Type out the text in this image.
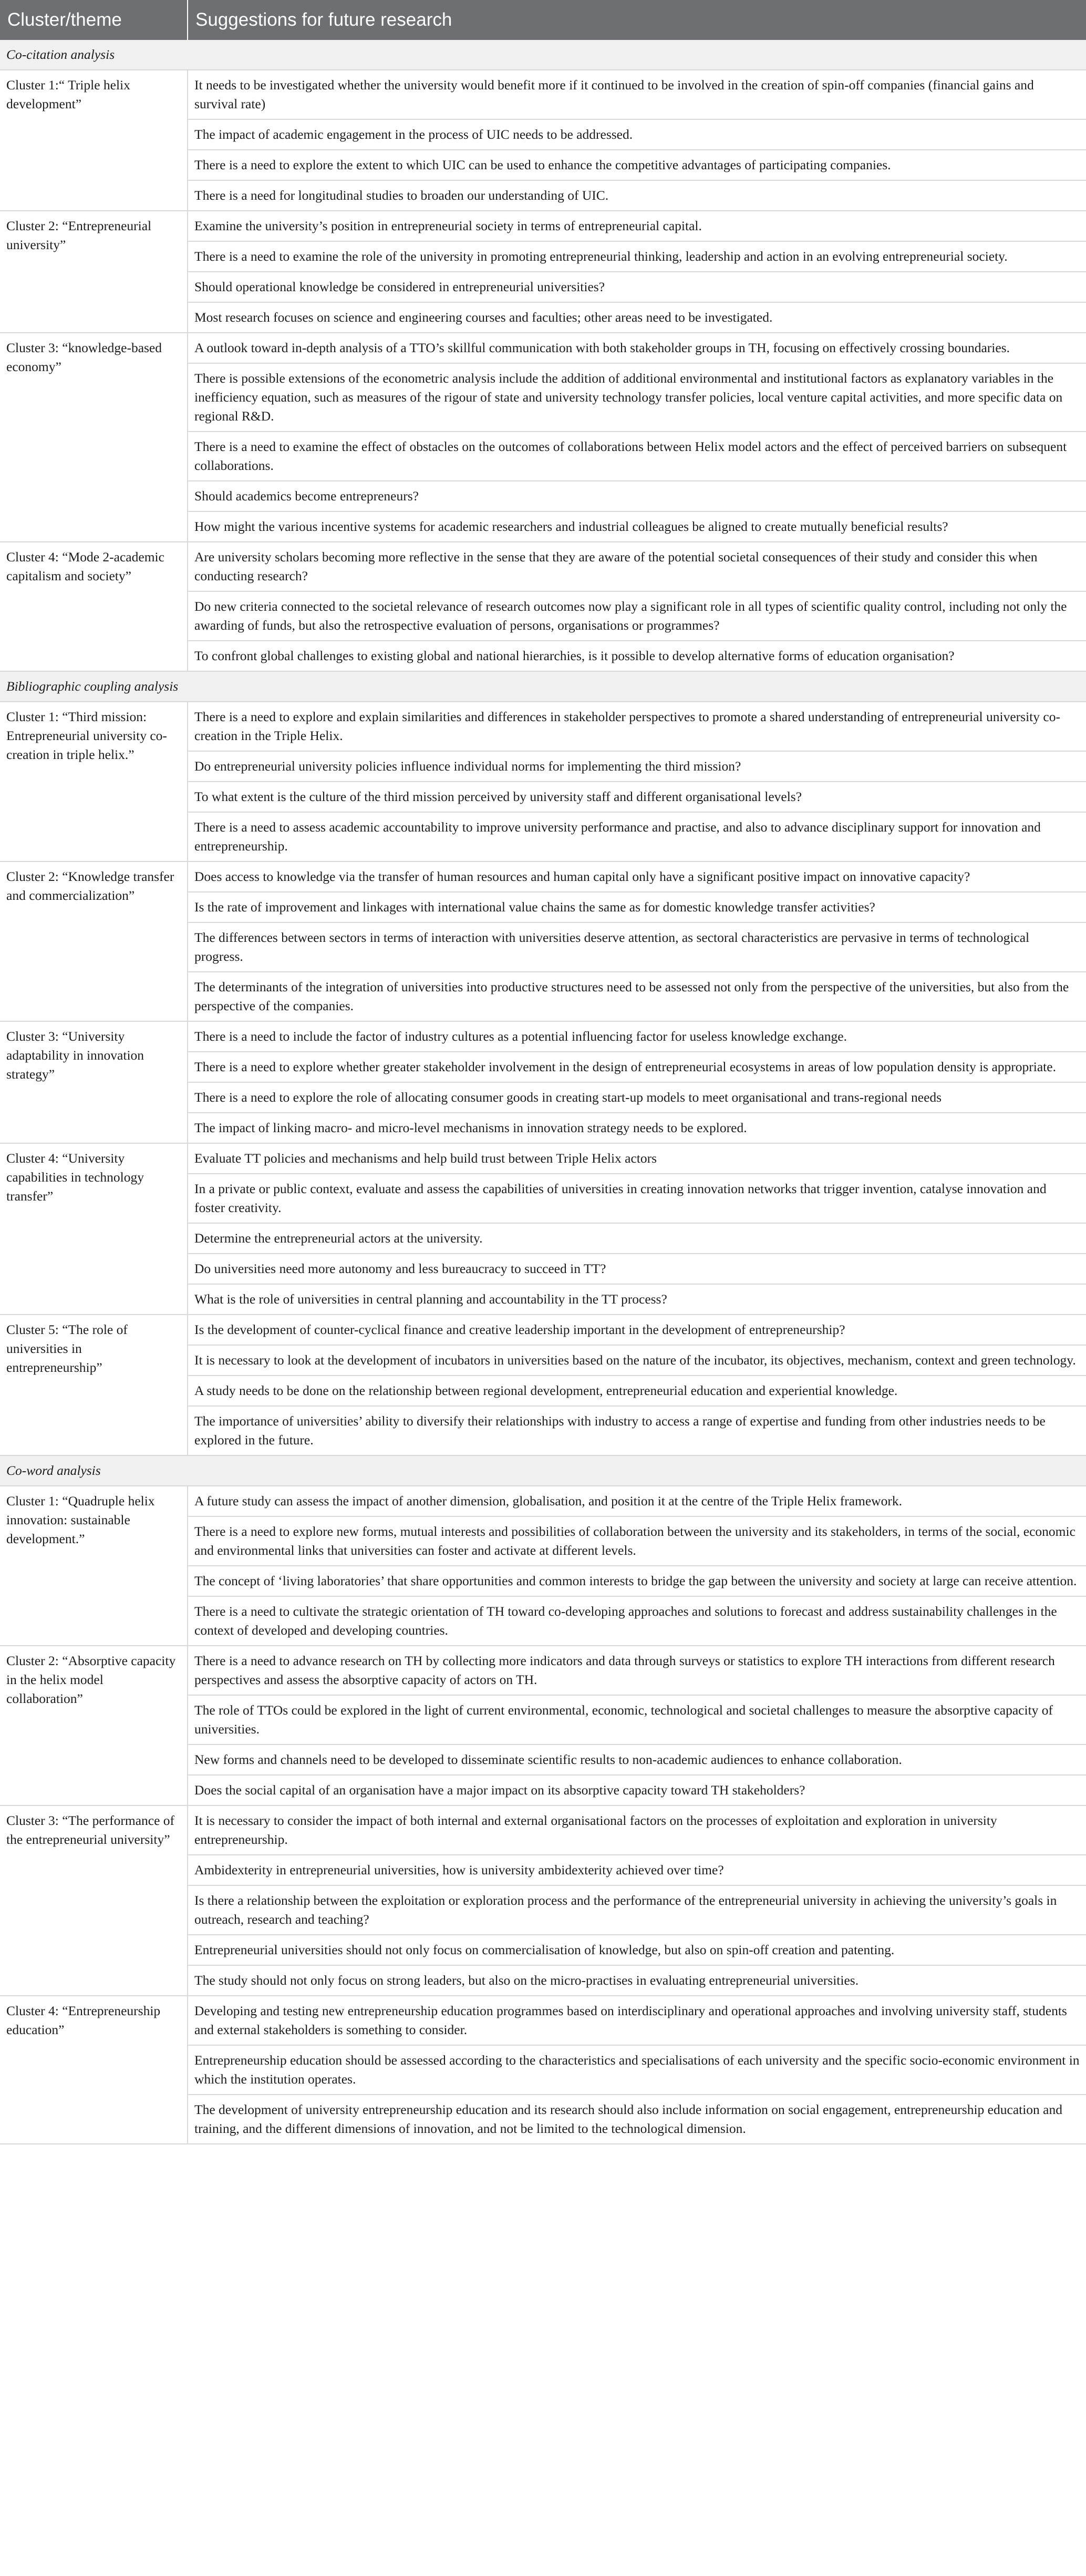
Cluster/theme	Suggestions for future research
Co-citation analysis	
Cluster 1:“ Triple helix development”	It needs to be investigated whether the university would benefit more if it continued to be involved in the creation of spin-off companies (financial gains and survival rate)
	The impact of academic engagement in the process of UIC needs to be addressed.
	There is a need to explore the extent to which UIC can be used to enhance the competitive advantages of participating companies.
	There is a need for longitudinal studies to broaden our understanding of UIC.
Cluster 2: “Entrepreneurial university”	Examine the university’s position in entrepreneurial society in terms of entrepreneurial capital.
	There is a need to examine the role of the university in promoting entrepreneurial thinking, leadership and action in an evolving entrepreneurial society.
	Should operational knowledge be considered in entrepreneurial universities?
	Most research focuses on science and engineering courses and faculties; other areas need to be investigated.
Cluster 3: “knowledge-based economy”	A outlook toward in-depth analysis of a TTO’s skillful communication with both stakeholder groups in TH, focusing on effectively crossing boundaries.
	There is possible extensions of the econometric analysis include the addition of additional environmental and institutional factors as explanatory variables in the inefficiency equation, such as measures of the rigour of state and university technology transfer policies, local venture capital activities, and more specific data on regional R&D.
	There is a need to examine the effect of obstacles on the outcomes of collaborations between Helix model actors and the effect of perceived barriers on subsequent collaborations.
	Should academics become entrepreneurs?
	How might the various incentive systems for academic researchers and industrial colleagues be aligned to create mutually beneficial results?
Cluster 4: “Mode 2-academic capitalism and society”	Are university scholars becoming more reflective in the sense that they are aware of the potential societal consequences of their study and consider this when conducting research?
	Do new criteria connected to the societal relevance of research outcomes now play a significant role in all types of scientific quality control, including not only the awarding of funds, but also the retrospective evaluation of persons, organisations or programmes?
	To confront global challenges to existing global and national hierarchies, is it possible to develop alternative forms of education organisation?
Bibliographic coupling analysis	
Cluster 1: “Third mission: Entrepreneurial university co-creation in triple helix.”	There is a need to explore and explain similarities and differences in stakeholder perspectives to promote a shared understanding of entrepreneurial university co-creation in the Triple Helix.
	Do entrepreneurial university policies influence individual norms for implementing the third mission?
	To what extent is the culture of the third mission perceived by university staff and different organisational levels?
	There is a need to assess academic accountability to improve university performance and practise, and also to advance disciplinary support for innovation and entrepreneurship.
Cluster 2: “Knowledge transfer and commercialization”	Does access to knowledge via the transfer of human resources and human capital only have a significant positive impact on innovative capacity?
	Is the rate of improvement and linkages with international value chains the same as for domestic knowledge transfer activities?
	The differences between sectors in terms of interaction with universities deserve attention, as sectoral characteristics are pervasive in terms of technological progress.
	The determinants of the integration of universities into productive structures need to be assessed not only from the perspective of the universities, but also from the perspective of the companies.
Cluster 3: “University adaptability in innovation strategy”	There is a need to include the factor of industry cultures as a potential influencing factor for useless knowledge exchange.
	There is a need to explore whether greater stakeholder involvement in the design of entrepreneurial ecosystems in areas of low population density is appropriate.
	There is a need to explore the role of allocating consumer goods in creating start-up models to meet organisational and trans-regional needs
	The impact of linking macro- and micro-level mechanisms in innovation strategy needs to be explored.
Cluster 4: “University capabilities in technology transfer”	Evaluate TT policies and mechanisms and help build trust between Triple Helix actors
	In a private or public context, evaluate and assess the capabilities of universities in creating innovation networks that trigger invention, catalyse innovation and foster creativity.
	Determine the entrepreneurial actors at the university.
	Do universities need more autonomy and less bureaucracy to succeed in TT?
	What is the role of universities in central planning and accountability in the TT process?
Cluster 5: “The role of universities in entrepreneurship”	Is the development of counter-cyclical finance and creative leadership important in the development of entrepreneurship?
	It is necessary to look at the development of incubators in universities based on the nature of the incubator, its objectives, mechanism, context and green technology.
	A study needs to be done on the relationship between regional development, entrepreneurial education and experiential knowledge.
	The importance of universities’ ability to diversify their relationships with industry to access a range of expertise and funding from other industries needs to be explored in the future.
Co-word analysis	
Cluster 1: “Quadruple helix innovation: sustainable development.”	A future study can assess the impact of another dimension, globalisation, and position it at the centre of the Triple Helix framework.
	There is a need to explore new forms, mutual interests and possibilities of collaboration between the university and its stakeholders, in terms of the social, economic and environmental links that universities can foster and activate at different levels.
	The concept of ‘living laboratories’ that share opportunities and common interests to bridge the gap between the university and society at large can receive attention.
	There is a need to cultivate the strategic orientation of TH toward co-developing approaches and solutions to forecast and address sustainability challenges in the context of developed and developing countries.
Cluster 2: “Absorptive capacity in the helix model collaboration”	There is a need to advance research on TH by collecting more indicators and data through surveys or statistics to explore TH interactions from different research perspectives and assess the absorptive capacity of actors on TH.
	The role of TTOs could be explored in the light of current environmental, economic, technological and societal challenges to measure the absorptive capacity of universities.
	New forms and channels need to be developed to disseminate scientific results to non-academic audiences to enhance collaboration.
	Does the social capital of an organisation have a major impact on its absorptive capacity toward TH stakeholders?
Cluster 3: “The performance of the entrepreneurial university”	It is necessary to consider the impact of both internal and external organisational factors on the processes of exploitation and exploration in university entrepreneurship.
	Ambidexterity in entrepreneurial universities, how is university ambidexterity achieved over time?
	Is there a relationship between the exploitation or exploration process and the performance of the entrepreneurial university in achieving the university’s goals in outreach, research and teaching?
	Entrepreneurial universities should not only focus on commercialisation of knowledge, but also on spin-off creation and patenting.
	The study should not only focus on strong leaders, but also on the micro-practises in evaluating entrepreneurial universities.
Cluster 4: “Entrepreneurship education”	Developing and testing new entrepreneurship education programmes based on interdisciplinary and operational approaches and involving university staff, students and external stakeholders is something to consider.
	Entrepreneurship education should be assessed according to the characteristics and specialisations of each university and the specific socio-economic environment in which the institution operates.
	The development of university entrepreneurship education and its research should also include information on social engagement, entrepreneurship education and training, and the different dimensions of innovation, and not be limited to the technological dimension.
